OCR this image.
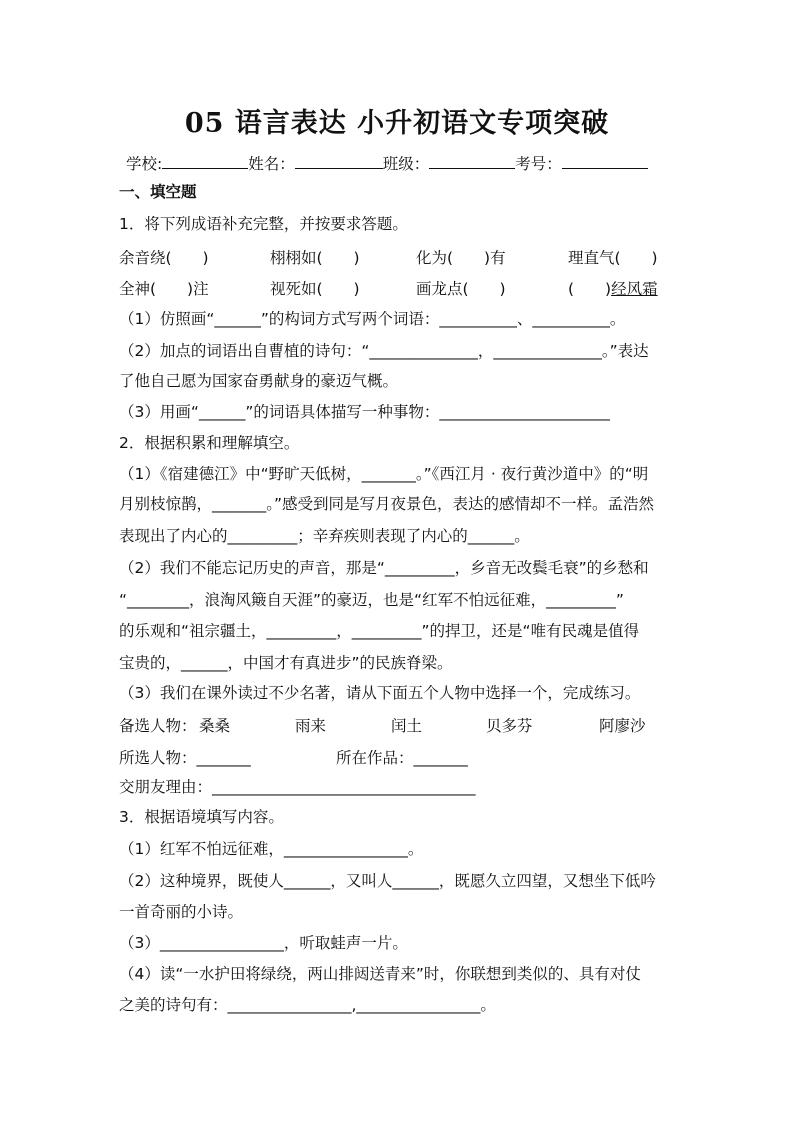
05 语言表达 小升初语文专项突破
学校:	姓名：	班级：	考号：
一、填空题
1．将下列成语补充完整，并按要求答题。
余音绕(　　)	栩栩如(　　)	化为(　　)有	理直气(　　)
全神(　　)注	视死如(　　)	画龙点(　　)	(　　)经风霜
（1）仿照画“______”的构词方式写两个词语：__________、__________。
（2）加点的词语出自曹植的诗句：“______________，______________。”表达
了他自己愿为国家奋勇献身的豪迈气概。
（3）用画“______”的词语具体描写一种事物：______________________
2．根据积累和理解填空。
（1）《宿建德江》中“野旷天低树，_______。”《西江月 · 夜行黄沙道中》的“明
月别枝惊鹊，_______。”感受到同是写月夜景色，表达的感情却不一样。孟浩然
表现出了内心的_________；辛弃疾则表现了内心的______。
（2）我们不能忘记历史的声音，那是“_________，乡音无改鬓毛衰”的乡愁和
“________，浪淘风簸自天涯”的豪迈，也是“红军不怕远征难，_________”
的乐观和“祖宗疆土，_________，_________”的捍卫，还是“唯有民魂是值得
宝贵的，______，中国才有真进步”的民族脊梁。
（3）我们在课外读过不少名著，请从下面五个人物中选择一个，完成练习。
备选人物： 桑桑	雨来	闰土	贝多芬	阿廖沙
所选人物：_______	所在作品：_______
交朋友理由：__________________________________
3．根据语境填写内容。
（1）红军不怕远征难，________________。
（2）这种境界，既使人______，又叫人______，既愿久立四望，又想坐下低吟
一首奇丽的小诗。
（3）________________，听取蛙声一片。
（4）读“一水护田将绿绕，两山排闼送青来”时，你联想到类似的、具有对仗
之美的诗句有：________________,________________。
